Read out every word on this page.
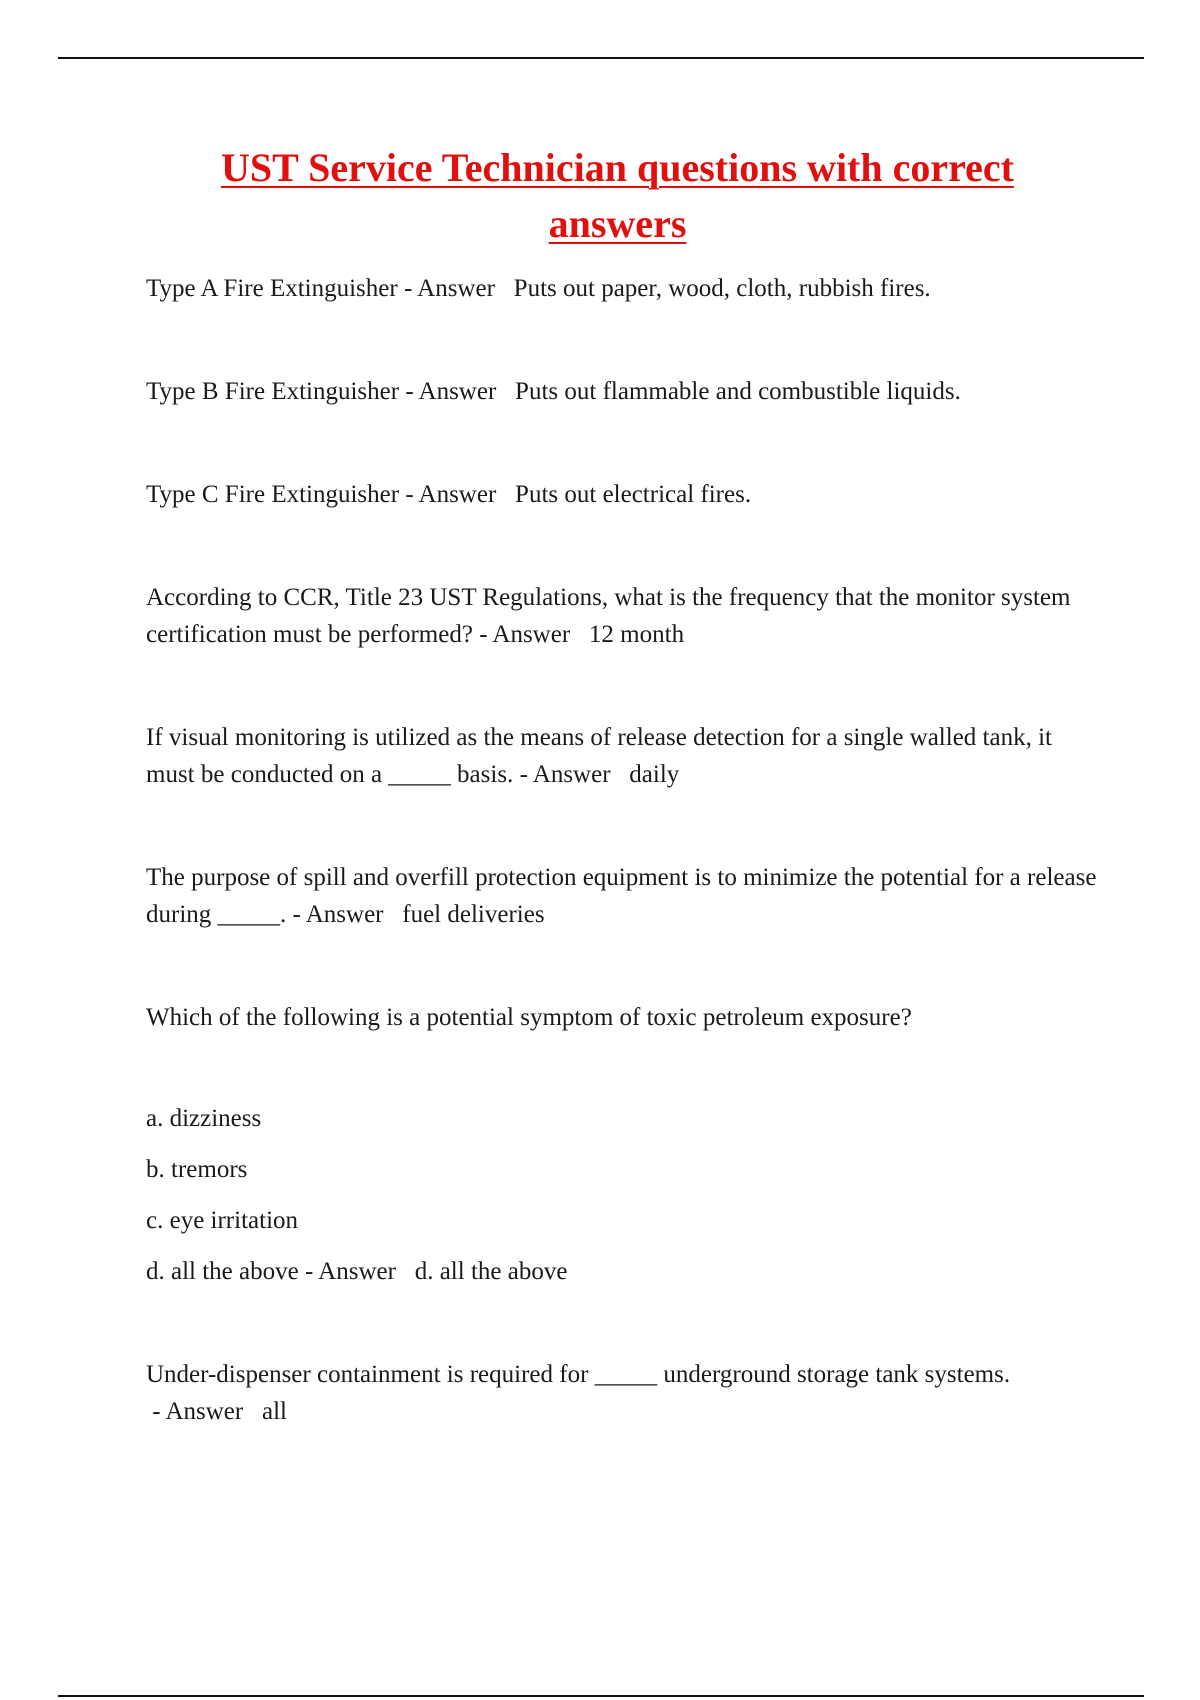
UST Service Technician questions with correct answers

Type A Fire Extinguisher - Answer   Puts out paper, wood, cloth, rubbish fires.

Type B Fire Extinguisher - Answer   Puts out flammable and combustible liquids.

Type C Fire Extinguisher - Answer   Puts out electrical fires.

According to CCR, Title 23 UST Regulations, what is the frequency that the monitor system certification must be performed? - Answer   12 month

If visual monitoring is utilized as the means of release detection for a single walled tank, it must be conducted on a _____ basis. - Answer   daily

The purpose of spill and overfill protection equipment is to minimize the potential for a release during _____. - Answer   fuel deliveries

Which of the following is a potential symptom of toxic petroleum exposure?

a. dizziness

b. tremors

c. eye irritation

d. all the above - Answer   d. all the above

Under-dispenser containment is required for _____ underground storage tank systems. - Answer   all
